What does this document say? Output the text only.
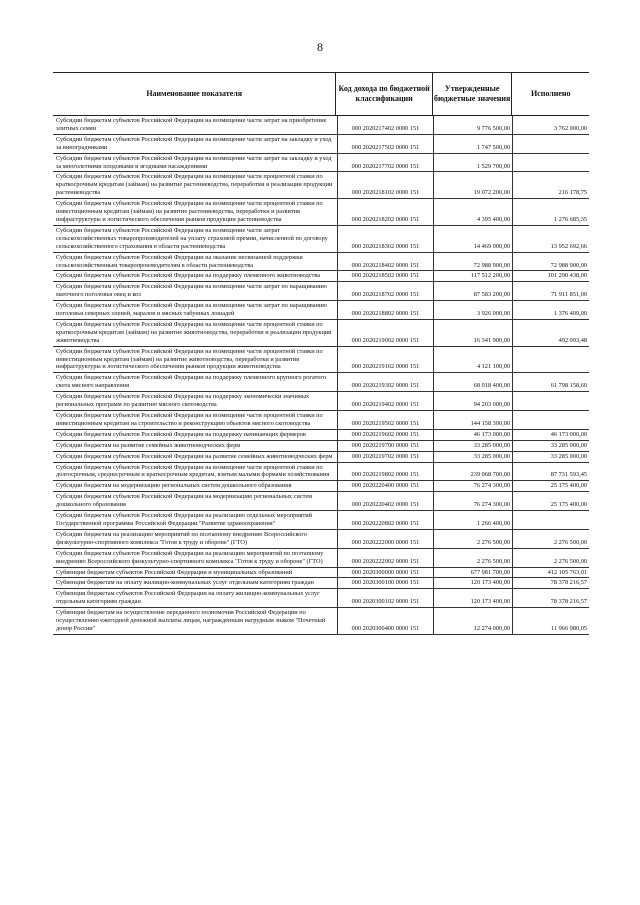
8
Наименование показателя
Код дохода по бюджетной классификации
Утвержденные бюджетные значения
Исполнено
Субсидии бюджетам субъектов Российской Федерации на возмещение части затрат на приобретение элитных семян	000 2020217402 0000 151	9 776 500,00	3 762 000,00
Субсидии бюджетам субъектов Российской Федерации на возмещение части затрат на закладку и уход за виноградниками	000 2020217502 0000 151	1 747 500,00
Субсидии бюджетам субъектов Российской Федерации на возмещение части затрат на закладку и уход за многолетними плодовыми и ягодными насаждениями	000 2020217702 0000 151	1 529 700,00
Субсидии бюджетам субъектов Российской Федерации на возмещение части процентной ставки по краткосрочным кредитам (займам) на развитие растениеводства, переработки и реализации продукции растениеводства	000 2020218102 0000 151	19 072 200,00	216 178,75
Субсидии бюджетам субъектов Российской Федерации на возмещение части процентной ставки по инвестиционным кредитам (займам) на развитие растениеводства, переработки и развития инфраструктуры и логистического обеспечения рынков продукции растениеводства	000 2020218202 0000 151	4 395 400,00	1 276 685,35
Субсидии бюджетам субъектов Российской Федерации на возмещение части затрат сельскохозяйственных товаропроизводителей на уплату страховой премии, начисленной по договору сельскохозяйственного страхования в области растениеводства	000 2020218302 0000 151	14 469 000,00	13 952 692,66
Субсидии бюджетам субъектов Российской Федерации на оказание несвязанной поддержки сельскохозяйственным товаропроизводителям в области растениеводства	000 2020218402 0000 151	72 988 900,00	72 988 900,00
Субсидии бюджетам субъектов Российской Федерации на поддержку племенного животноводства	000 2020218502 0000 151	117 512 200,00	101 290 438,00
Субсидии бюджетам субъектов Российской Федерации на возмещение части затрат по наращиванию маточного поголовья овец и коз	000 2020218702 0000 151	87 583 200,00	71 911 851,00
Субсидии бюджетам субъектов Российской Федерации на возмещение части затрат по наращиванию поголовья северных оленей, маралов и мясных табунных лошадей	000 2020218802 0000 151	3 926 000,00	1 376 409,00
Субсидии бюджетам субъектов Российской Федерации на возмещение части процентной ставки по краткосрочным кредитам (займам) на развитие животноводства, переработки и реализации продукции животноводства	000 2020219002 0000 151	16 341 900,00	492 993,48
Субсидии бюджетам субъектов Российской Федерации на возмещение части процентной ставки по инвестиционным кредитам (займам) на развитие животноводства, переработки и развития инфраструктуры и логистического обеспечения рынков продукции животноводства	000 2020219102 0000 151	4 121 100,00
Субсидии бюджетам субъектов Российской Федерации на поддержку племенного крупного рогатого скота мясного направления	000 2020219302 0000 151	68 018 400,00	61 798 158,60
Субсидии бюджетам субъектов Российской Федерации на поддержку экономически значимых региональных программ по развитию мясного скотоводства	000 2020219402 0000 151	94 203 000,00
Субсидии бюджетам субъектов Российской Федерации на возмещение части процентной ставки по инвестиционным кредитам на строительство и реконструкцию объектов мясного скотоводства	000 2020219502 0000 151	144 158 300,00
Субсидии бюджетам субъектов Российской Федерации на поддержку начинающих фермеров	000 2020219602 0000 151	46 173 000,00	46 173 000,00
Субсидии бюджетам на развитие семейных животноводческих ферм	000 2020219700 0000 151	33 285 000,00	33 285 000,00
Субсидии бюджетам субъектов Российской Федерации на развитие семейных животноводческих ферм	000 2020219702 0000 151	33 285 000,00	33 285 000,00
Субсидии бюджетам субъектов Российской Федерации на возмещение части процентной ставки по долгосрочным, среднесрочным и краткосрочным кредитам, взятым малыми формами хозяйствования	000 2020219802 0000 151	239 068 700,00	87 731 593,45
Субсидии бюджетам на модернизацию региональных систем дошкольного образования	000 2020220400 0000 151	76 274 300,00	25 175 400,00
Субсидии бюджетам субъектов Российской Федерации на модернизацию региональных систем дошкольного образования	000 2020220402 0000 151	76 274 300,00	25 175 400,00
Субсидии бюджетам субъектов Российской Федерации на реализацию отдельных мероприятий Государственной программы Российской Федерации "Развитие здравоохранения"	000 2020220802 0000 151	1 266 400,00
Субсидии бюджетам на реализацию мероприятий по поэтапному внедрению Всероссийского физкультурно-спортивного комплекса "Готов к труду и обороне" (ГТО)	000 2020222000 0000 151	2 276 500,00	2 276 500,00
Субсидии бюджетам субъектов Российской Федерации на реализацию мероприятий по поэтапному внедрению Всероссийского физкультурно-спортивного комплекса "Готов к труду и обороне" (ГТО)	000 2020222002 0000 151	2 276 500,00	2 276 500,00
Субвенции бюджетам субъектов Российской Федерации и муниципальных образований	000 2020300000 0000 151	677 981 700,00	412 105 763,01
Субвенции бюджетам на оплату жилищно-коммунальных услуг отдельным категориям граждан	000 2020300100 0000 151	120 173 400,00	78 378 216,57
Субвенции бюджетам субъектов Российской Федерации на оплату жилищно-коммунальных услуг отдельным категориям граждан	000 2020300102 0000 151	120 173 400,00	78 378 216,57
Субвенции бюджетам на осуществление переданного полномочия Российской Федерации по осуществлению ежегодной денежной выплаты лицам, награжденным нагрудным знаком "Почетный донор России"	000 2020300400 0000 151	12 274 000,00	11 966 980,05
